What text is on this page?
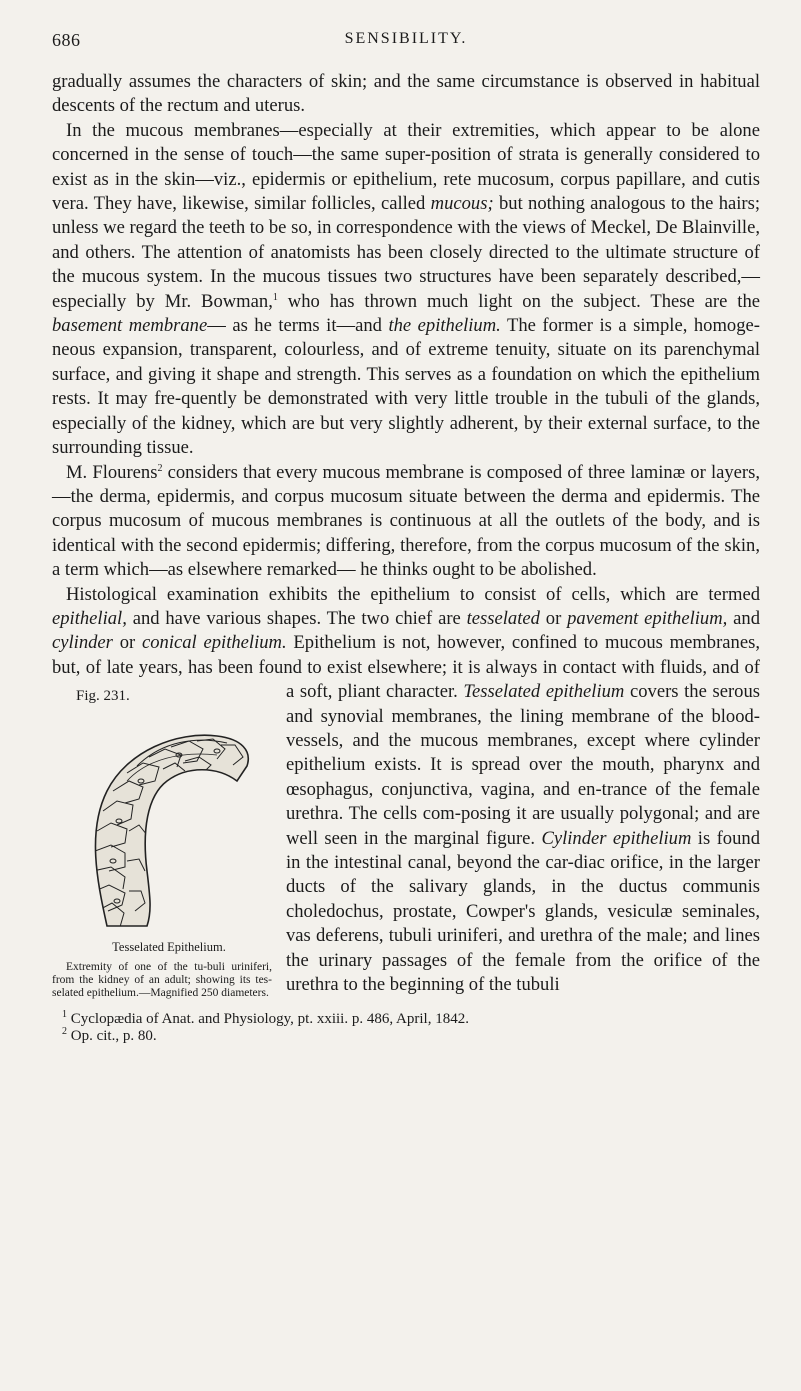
686	SENSIBILITY.

gradually assumes the characters of skin; and the same circumstance is observed in habitual descents of the rectum and uterus.

In the mucous membranes—especially at their extremities, which appear to be alone concerned in the sense of touch—the same super-position of strata is generally considered to exist as in the skin—viz., epidermis or epithelium, rete mucosum, corpus papillare, and cutis vera. They have, likewise, similar follicles, called mucous; but nothing analogous to the hairs; unless we regard the teeth to be so, in correspondence with the views of Meckel, De Blainville, and others. The attention of anatomists has been closely directed to the ultimate structure of the mucous system. In the mucous tissues two structures have been separately described,—especially by Mr. Bowman,$^1$ who has thrown much light on the subject. These are the basement membrane— as he terms it—and the epithelium. The former is a simple, homoge-neous expansion, transparent, colourless, and of extreme tenuity, situate on its parenchymal surface, and giving it shape and strength. This serves as a foundation on which the epithelium rests. It may fre-quently be demonstrated with very little trouble in the tubuli of the glands, especially of the kidney, which are but very slightly adherent, by their external surface, to the surrounding tissue.

M. Flourens$^2$ considers that every mucous membrane is composed of three laminæ or layers,—the derma, epidermis, and corpus mucosum situate between the derma and epidermis. The corpus mucosum of mucous membranes is continuous at all the outlets of the body, and is identical with the second epidermis; differing, therefore, from the corpus mucosum of the skin, a term which—as elsewhere remarked— he thinks ought to be abolished.

Histological examination exhibits the epithelium to consist of cells, which are termed epithelial, and have various shapes. The two chief are tesselated or pavement epithelium, and cylinder or conical epithelium. Epithelium is not, however, confined to mucous membranes, but, of late years, has been found to exist elsewhere; it is always in contact with fluids, and of a soft, pliant character.
Fig. 231.
Tesselated Epithelium.
Extremity of one of the tu-buli uriniferi, from the kidney of an adult; showing its tes-selated epithelium.—Magnified 250 diameters.
Tesselated epithelium covers the serous and synovial membranes, the lining membrane of the blood-vessels, and the mucous membranes, except where cylinder epithelium exists. It is spread over the mouth, pharynx and œsophagus, conjunctiva, vagina, and en-trance of the female urethra. The cells com-posing it are usually polygonal; and are well seen in the marginal figure. Cylinder epithelium is found in the intestinal canal, beyond the car-diac orifice, in the larger ducts of the salivary glands, in the ductus communis choledochus, prostate, Cowper's glands, vesiculæ seminales, vas deferens, tubuli uriniferi, and urethra of the male; and lines the urinary passages of the female from the orifice of the urethra to the beginning of the tubuli

$^1$ Cyclopædia of Anat. and Physiology, pt. xxiii. p. 486, April, 1842.
$^2$ Op. cit., p. 80.
